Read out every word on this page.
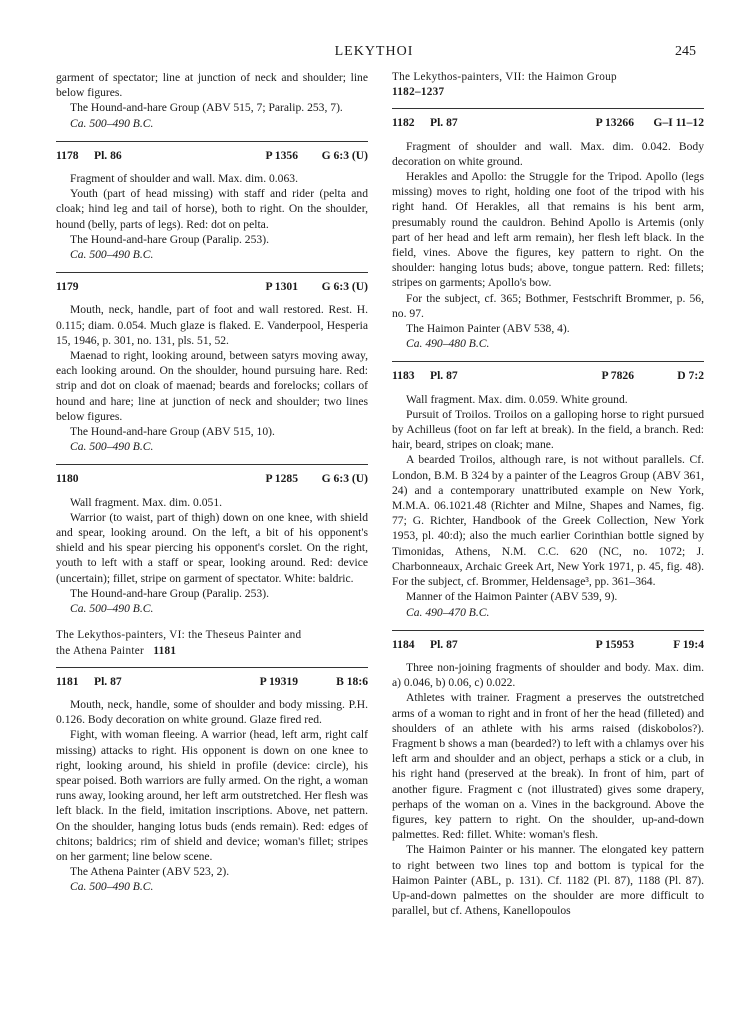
LEKYTHOI	245
garment of spectator; line at junction of neck and shoulder; line below figures.
The Hound-and-hare Group (ABV 515, 7; Paralip. 253, 7).
Ca. 500–490 B.C.
1178	Pl. 86	P 1356	G 6:3 (U)
Fragment of shoulder and wall. Max. dim. 0.063.
Youth (part of head missing) with staff and rider (pelta and cloak; hind leg and tail of horse), both to right. On the shoulder, hound (belly, parts of legs). Red: dot on pelta.
The Hound-and-hare Group (Paralip. 253).
Ca. 500–490 B.C.
1179	P 1301	G 6:3 (U)
Mouth, neck, handle, part of foot and wall restored. Rest. H. 0.115; diam. 0.054. Much glaze is flaked. E. Vanderpool, Hesperia 15, 1946, p. 301, no. 131, pls. 51, 52.
Maenad to right, looking around, between satyrs moving away, each looking around. On the shoulder, hound pursuing hare. Red: strip and dot on cloak of maenad; beards and forelocks; collars of hound and hare; line at junction of neck and shoulder; two lines below figures.
The Hound-and-hare Group (ABV 515, 10).
Ca. 500–490 B.C.
1180	P 1285	G 6:3 (U)
Wall fragment. Max. dim. 0.051.
Warrior (to waist, part of thigh) down on one knee, with shield and spear, looking around. On the left, a bit of his opponent's shield and his spear piercing his opponent's corslet. On the right, youth to left with a staff or spear, looking around. Red: device (uncertain); fillet, stripe on garment of spectator. White: baldric.
The Hound-and-hare Group (Paralip. 253).
Ca. 500–490 B.C.
The Lekythos-painters, VI: the Theseus Painter and
the Athena Painter 1181
1181	Pl. 87	P 19319	B 18:6
Mouth, neck, handle, some of shoulder and body missing. P.H. 0.126. Body decoration on white ground. Glaze fired red.
Fight, with woman fleeing. A warrior (head, left arm, right calf missing) attacks to right. His opponent is down on one knee to right, looking around, his shield in profile (device: circle), his spear poised. Both warriors are fully armed. On the right, a woman runs away, looking around, her left arm outstretched. Her flesh was left black. In the field, imitation inscriptions. Above, net pattern. On the shoulder, hanging lotus buds (ends remain). Red: edges of chitons; baldrics; rim of shield and device; woman's fillet; stripes on her garment; line below scene.
The Athena Painter (ABV 523, 2).
Ca. 500–490 B.C.
The Lekythos-painters, VII: the Haimon Group
1182–1237
1182	Pl. 87	P 13266	G–I 11–12
Fragment of shoulder and wall. Max. dim. 0.042. Body decoration on white ground.
Herakles and Apollo: the Struggle for the Tripod. Apollo (legs missing) moves to right, holding one foot of the tripod with his right hand. Of Herakles, all that remains is his bent arm, presumably round the cauldron. Behind Apollo is Artemis (only part of her head and left arm remain), her flesh left black. In the field, vines. Above the figures, key pattern to right. On the shoulder: hanging lotus buds; above, tongue pattern. Red: fillets; stripes on garments; Apollo's bow.
For the subject, cf. 365; Bothmer, Festschrift Brommer, p. 56, no. 97.
The Haimon Painter (ABV 538, 4).
Ca. 490–480 B.C.
1183	Pl. 87	P 7826	D 7:2
Wall fragment. Max. dim. 0.059. White ground.
Pursuit of Troilos. Troilos on a galloping horse to right pursued by Achilleus (foot on far left at break). In the field, a branch. Red: hair, beard, stripes on cloak; mane.
A bearded Troilos, although rare, is not without parallels. Cf. London, B.M. B 324 by a painter of the Leagros Group (ABV 361, 24) and a contemporary unattributed example on New York, M.M.A. 06.1021.48 (Richter and Milne, Shapes and Names, fig. 77; G. Richter, Handbook of the Greek Collection, New York 1953, pl. 40:d); also the much earlier Corinthian bottle signed by Timonidas, Athens, N.M. C.C. 620 (NC, no. 1072; J. Charbonneaux, Archaic Greek Art, New York 1971, p. 45, fig. 48). For the subject, cf. Brommer, Heldensage³, pp. 361–364.
Manner of the Haimon Painter (ABV 539, 9).
Ca. 490–470 B.C.
1184	Pl. 87	P 15953	F 19:4
Three non-joining fragments of shoulder and body. Max. dim. a) 0.046, b) 0.06, c) 0.022.
Athletes with trainer. Fragment a preserves the outstretched arms of a woman to right and in front of her the head (filleted) and shoulders of an athlete with his arms raised (diskobolos?). Fragment b shows a man (bearded?) to left with a chlamys over his left arm and shoulder and an object, perhaps a stick or a club, in his right hand (preserved at the break). In front of him, part of another figure. Fragment c (not illustrated) gives some drapery, perhaps of the woman on a. Vines in the background. Above the figures, key pattern to right. On the shoulder, up-and-down palmettes. Red: fillet. White: woman's flesh.
The Haimon Painter or his manner. The elongated key pattern to right between two lines top and bottom is typical for the Haimon Painter (ABL, p. 131). Cf. 1182 (Pl. 87), 1188 (Pl. 87). Up-and-down palmettes on the shoulder are more difficult to parallel, but cf. Athens, Kanellopoulos
